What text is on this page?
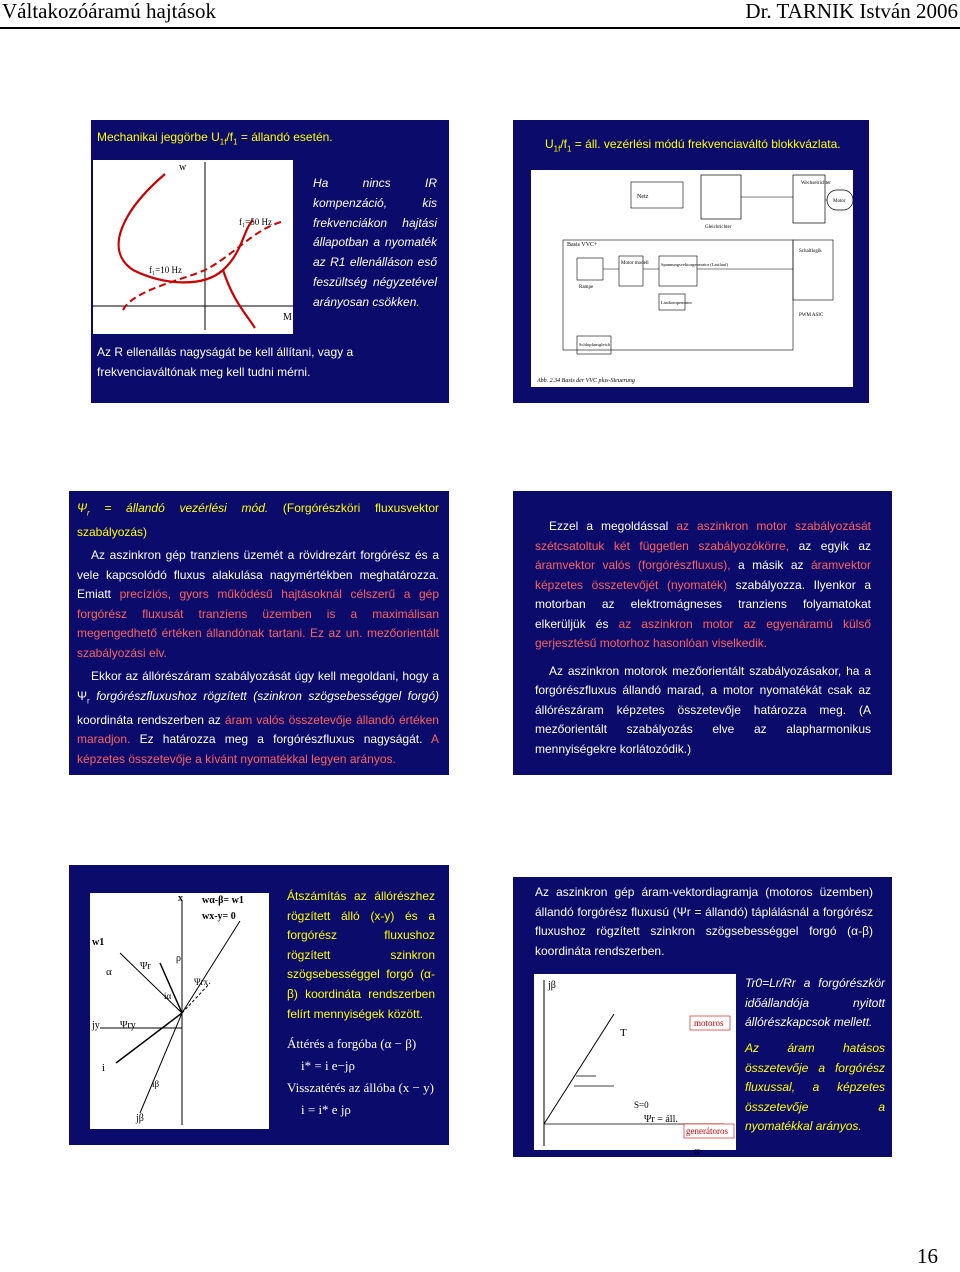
Váltakozóáramú hajtások	Dr. TARNIK István 2006
Mechanikai jeggörbe $U_{1f}/f_1$ = állandó esetén.
w
M
f₁=50 Hz
f₁=10 Hz
Ha nincs IR kompenzáció, kis frekvenciákon hajtási állapotban a nyomaték az R1 ellenálláson eső feszültség négyzetével arányosan csökken.
Az R ellenállás nagyságát be kell állítani, vagy a frekvenciaváltónak meg kell tudni mérni.
$U_{1f}/f_1$ = áll. vezérlési módú frekvenciaváltó blokkvázlata.
Netz
Gleichrichter
Wechselrichter
Motor
Basis VVC+
Rampe
Motor modell	Spannungsvektorgenerator (Lastlauf)
Lastkompensator
Schaltlogik
PWM ASIC
Schlupfausgleich
Abb. 2.34 Basis der VVC plus-Steuerung

$\Psi_r$ = állandó vezérlési mód. (Forgórészköri fluxusvektor szabályozás)

Az aszinkron gép tranziens üzemét a rövidrezárt forgórész és a vele kapcsolódó fluxus alakulása nagymértékben meghatározza. Emiatt precíziós, gyors működésű hajtásoknál célszerű a gép forgórész fluxusát tranziens üzemben is a maximálisan megengedhető értéken állandónak tartani. Ez az un. mezőorientált szabályozási elv.

Ekkor az állórészáram szabályozását úgy kell megoldani, hogy a $\Psi_r$ forgórészfluxushoz rögzített (szinkron szögsebességgel forgó) koordináta rendszerben az áram valós összetevője állandó értéken maradjon. Ez határozza meg a forgórészfluxus nagyságát. A képzetes összetevője a kívánt nyomatékkal legyen arányos.

Ezzel a megoldással az aszinkron motor szabályozását szétcsatoltuk két független szabályozókörre, az egyik az áramvektor valós (forgórészfluxus), a másik az áramvektor képzetes összetevőjét (nyomaték) szabályozza. Ilyenkor a motorban az elektromágneses tranziens folyamatokat elkerüljük és az aszinkron motor az egyenáramú külső gerjesztésű motorhoz hasonlóan viselkedik.

Az aszinkron motorok mezőorientált szabályozásakor, ha a forgórészfluxus állandó marad, a motor nyomatékát csak az állórészáram képzetes összetevője határozza meg. (A mezőorientált szabályozás elve az alapharmonikus mennyiségekre korlátozódik.)

x wα-β= w1
wx-y= 0
w1
α	Ψr
ρ
Ψrx
iα
jy Ψry
i
iβ
jβ
Átszámítás az állórészhez rögzített álló (x-y) és a forgórész fluxushoz rögzített szinkron szögsebességgel forgó (α-β) koordináta rendszerben felírt mennyiségek között.
Áttérés a forgóba (α − β)
i* = i e−jρ
Visszatérés az állóba (x − y)
i = i* e jρ
Az aszinkron gép áram-vektordiagramja (motoros üzemben) állandó forgórész fluxusú (Ψr = állandó) táplálásnál a forgórész fluxushoz rögzített szinkron szögsebességgel forgó (α-β) koordináta rendszerben.
jβ
T
S=0
Ψr = áll.
α
motoros
generátoros
Tr0=Lr/Rr a forgórészkör időállandója nyitott állórészkapcsok mellett.
Az áram hatásos összetevője a forgórész fluxussal, a képzetes összetevője a nyomatékkal arányos.
16
